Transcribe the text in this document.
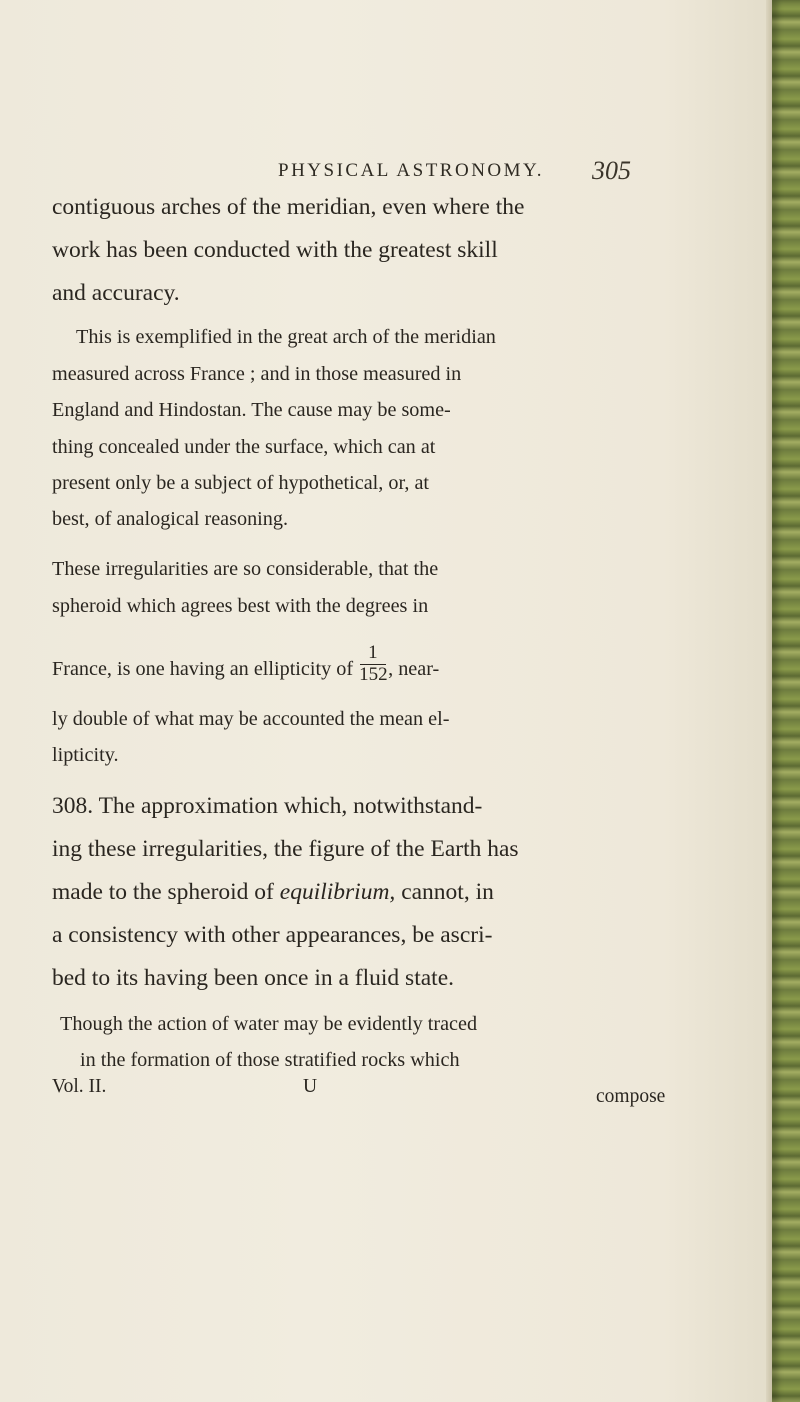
PHYSICAL ASTRONOMY. 305
contiguous arches of the meridian, even where the
work has been conducted with the greatest skill
and accuracy.
This is exemplified in the great arch of the meridian
measured across France ; and in those measured in
England and Hindostan. The cause may be some-
thing concealed under the surface, which can at
present only be a subject of hypothetical, or, at
best, of analogical reasoning.
These irregularities are so considerable, that the
spheroid which agrees best with the degrees in
France, is one having an ellipticity of $\frac{1}{152}$ , near-
ly double of what may be accounted the mean el-
lipticity.
308. The approximation which, notwithstand-
ing these irregularities, the figure of the Earth has
made to the spheroid of equilibrium, cannot, in
a consistency with other appearances, be ascri-
bed to its having been once in a fluid state.
Though the action of water may be evidently traced
in the formation of those stratified rocks which
Vol. II.	U	compose
